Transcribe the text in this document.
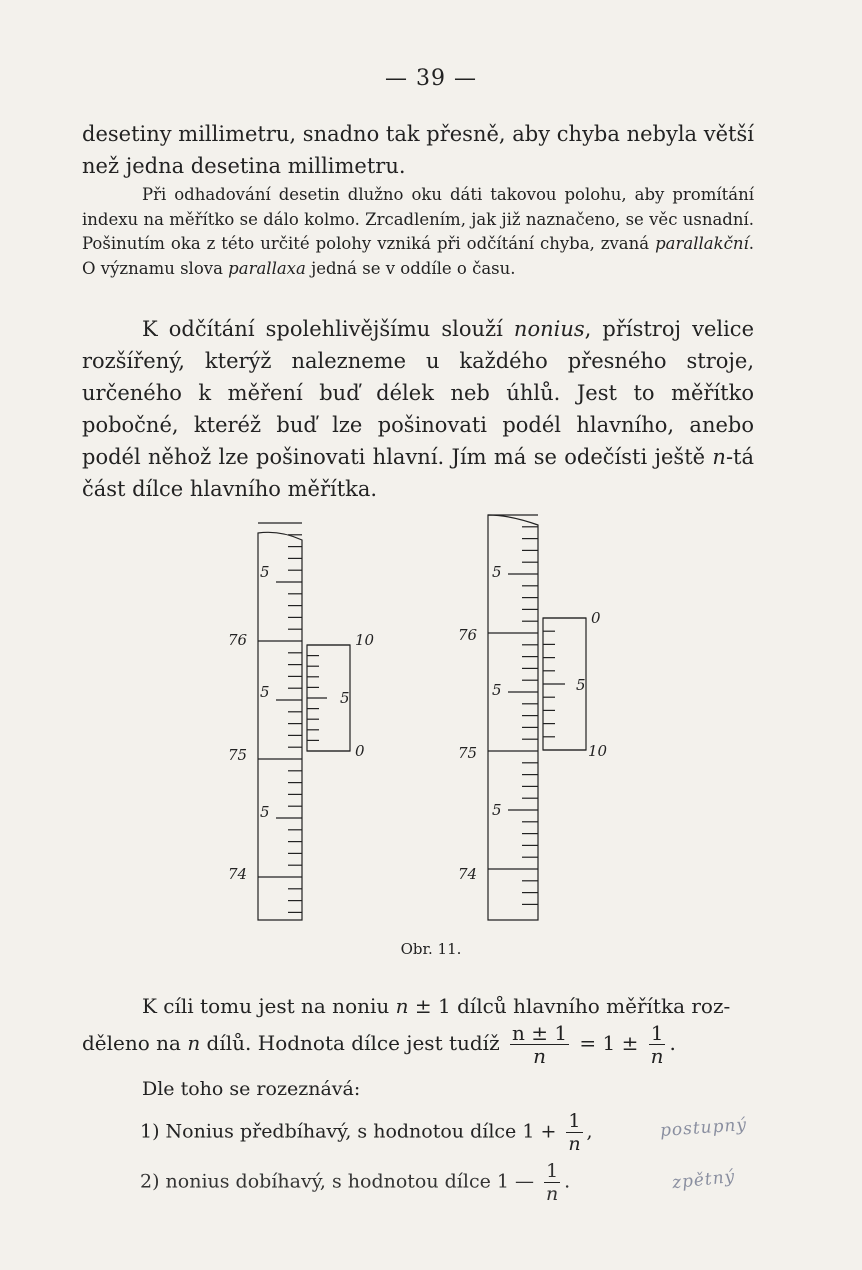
— 39 —

desetiny millimetru, snadno tak přesně, aby chyba nebyla větší než jedna desetina millimetru.

Při odhadování desetin dlužno oku dáti takovou polohu, aby promítání indexu na měřítko se dálo kolmo. Zrcadlením, jak již naznačeno, se věc usnadní. Pošinutím oka z této určité polohy vzniká při odčítání chyba, zvaná parallakční. O významu slova parallaxa jedná se v oddíle o času.

K odčítání spolehlivějšímu slouží nonius, přístroj velice rozšířený, kterýž nalezneme u každého přesného stroje, určeného k měření buď délek neb úhlů. Jest to měřítko pobočné, kteréž buď lze pošinovati podél hlavního, anebo podél něhož lze pošinovati hlavní. Jím má se odečísti ještě n-tá část dílce hlavního měřítka.

5
76
5
75
5
74
10
5
0
5
76
5
75
5
74
0
5
10
Obr. 11.
K cíli tomu jest na noniu n ± 1 dílců hlavního měřítka roz-
děleno na n dílů. Hodnota dílce jest tudíž $\frac{n \pm 1}{n} = 1 \pm \frac{1}{n}$ .
Dle toho se rozeznává:
1) Nonius předbíhavý, s hodnotou dílce $1 + \frac{1}{n}$ ,
2) nonius dobíhavý, s hodnotou dílce 1 — $\frac{1}{n}$ .
postupný
zpětný
